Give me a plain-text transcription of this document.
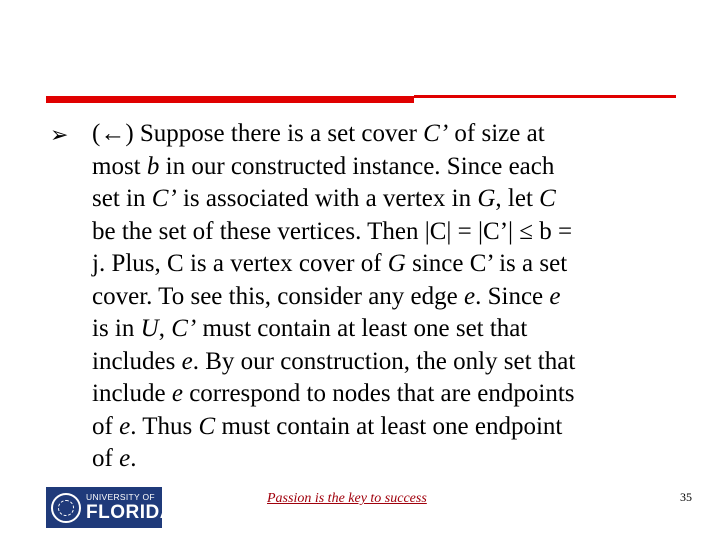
➢ (←) Suppose there is a set cover C’ of size at
most b in our constructed instance. Since each
set in C’ is associated with a vertex in G, let C
be the set of these vertices. Then |C| = |C’| ≤ b =
j. Plus, C is a vertex cover of G since C’ is a set
cover. To see this, consider any edge e. Since e
is in U, C’ must contain at least one set that
includes e. By our construction, the only set that
include e correspond to nodes that are endpoints
of e. Thus C must contain at least one endpoint
of e.
UNIVERSITY OF
FLORIDA®	Passion is the key to success	35
